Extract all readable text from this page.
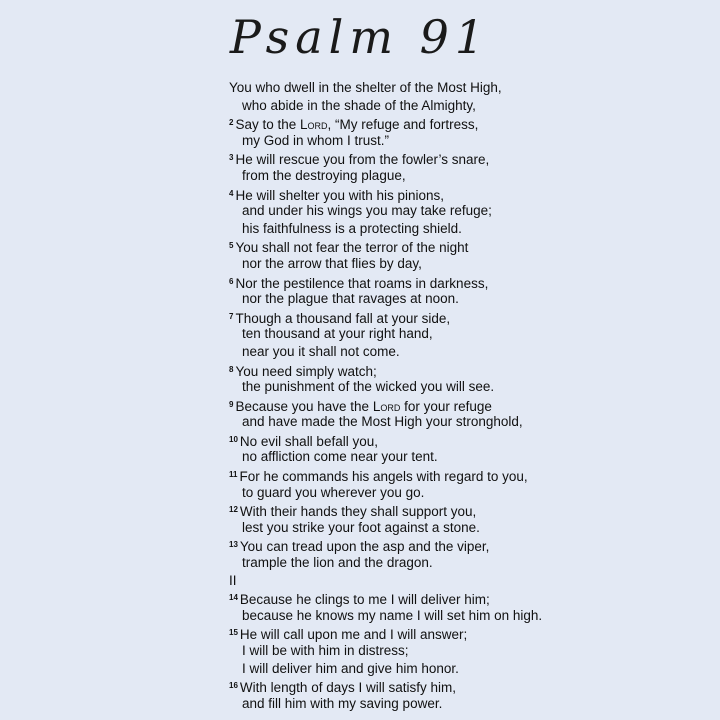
Psalm 91
You who dwell in the shelter of the Most High,
who abide in the shade of the Almighty,
$^2$ Say to the Lord, “My refuge and fortress,
my God in whom I trust.”
$^3$ He will rescue you from the fowler’s snare,
from the destroying plague,
$^4$ He will shelter you with his pinions,
and under his wings you may take refuge;
his faithfulness is a protecting shield.
$^5$ You shall not fear the terror of the night
nor the arrow that flies by day,
$^6$ Nor the pestilence that roams in darkness,
nor the plague that ravages at noon.
$^7$ Though a thousand fall at your side,
ten thousand at your right hand,
near you it shall not come.
$^8$ You need simply watch;
the punishment of the wicked you will see.
$^9$ Because you have the Lord for your refuge
and have made the Most High your stronghold,
$^{10}$ No evil shall befall you,
no affliction come near your tent.
$^{11}$ For he commands his angels with regard to you,
to guard you wherever you go.
$^{12}$ With their hands they shall support you,
lest you strike your foot against a stone.
$^{13}$ You can tread upon the asp and the viper,
trample the lion and the dragon.
II
$^{14}$ Because he clings to me I will deliver him;
because he knows my name I will set him on high.
$^{15}$ He will call upon me and I will answer;
I will be with him in distress;
I will deliver him and give him honor.
$^{16}$ With length of days I will satisfy him,
and fill him with my saving power.
